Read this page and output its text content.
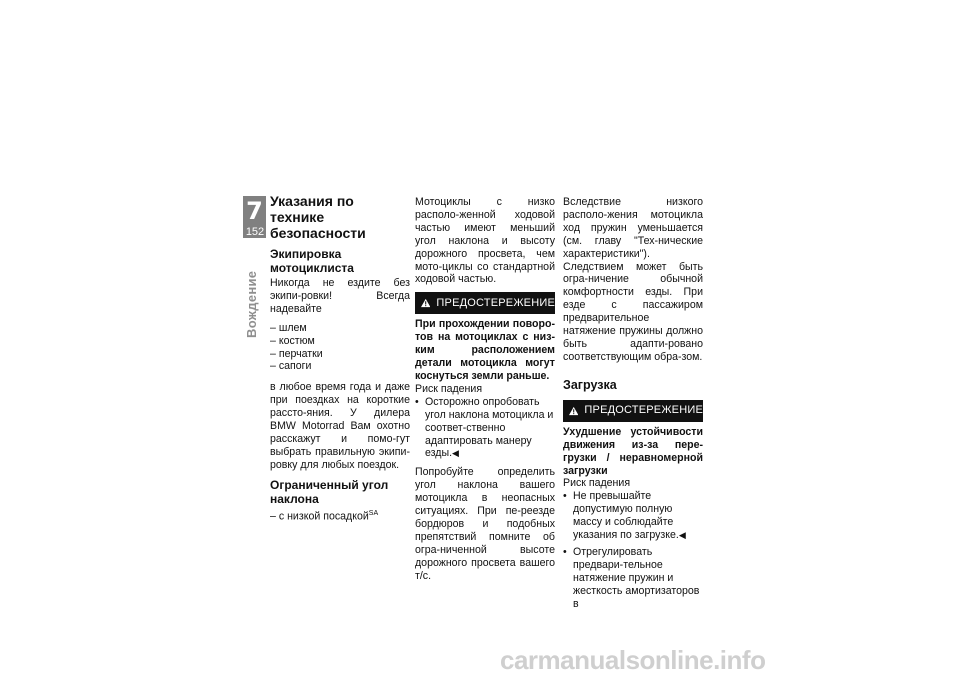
7
152
Вождение
Указания по технике безопасности
Экипировка мотоциклиста

Никогда не ездите без экипи-ровки! Всегда надевайте

– шлем
– костюм
– перчатки
– сапоги

в любое время года и даже при поездках на короткие рассто-яния. У дилера BMW Motorrad Вам охотно расскажут и помо-гут выбрать правильную экипи-ровку для любых поездок.

Ограниченный угол наклона
– с низкой посадкой$^{SA}$

Мотоциклы с низко располо-женной ходовой частью имеют меньший угол наклона и высоту дорожного просвета, чем мото-циклы со стандартной ходовой частью.

ПРЕДОСТЕРЕЖЕНИЕ

При прохождении поворо-тов на мотоциклах с низ-ким расположением детали мотоцикла могут коснуться земли раньше.

Риск падения
• Осторожно опробовать угол наклона мотоцикла и соответ-ственно адаптировать манеру езды.◀

Попробуйте определить угол наклона вашего мотоцикла в неопасных ситуациях. При пе-реезде бордюров и подобных препятствий помните об огра-ниченной высоте дорожного просвета вашего т/с.

Вследствие низкого располо-жения мотоцикла ход пружин уменьшается (см. главу "Тех-нические характеристики"). Следствием может быть огра-ничение обычной комфортности езды. При езде с пассажиром предварительное натяжение пружины должно быть адапти-ровано соответствующим обра-зом.

Загрузка
ПРЕДОСТЕРЕЖЕНИЕ

Ухудшение устойчивости движения из-за пере-грузки / неравномерной загрузки

Риск падения
• Не превышайте допустимую полную массу и соблюдайте указания по загрузке.◀
• Отрегулировать предвари-тельное натяжение пружин и жесткость амортизаторов в
carmanualsonline.info
